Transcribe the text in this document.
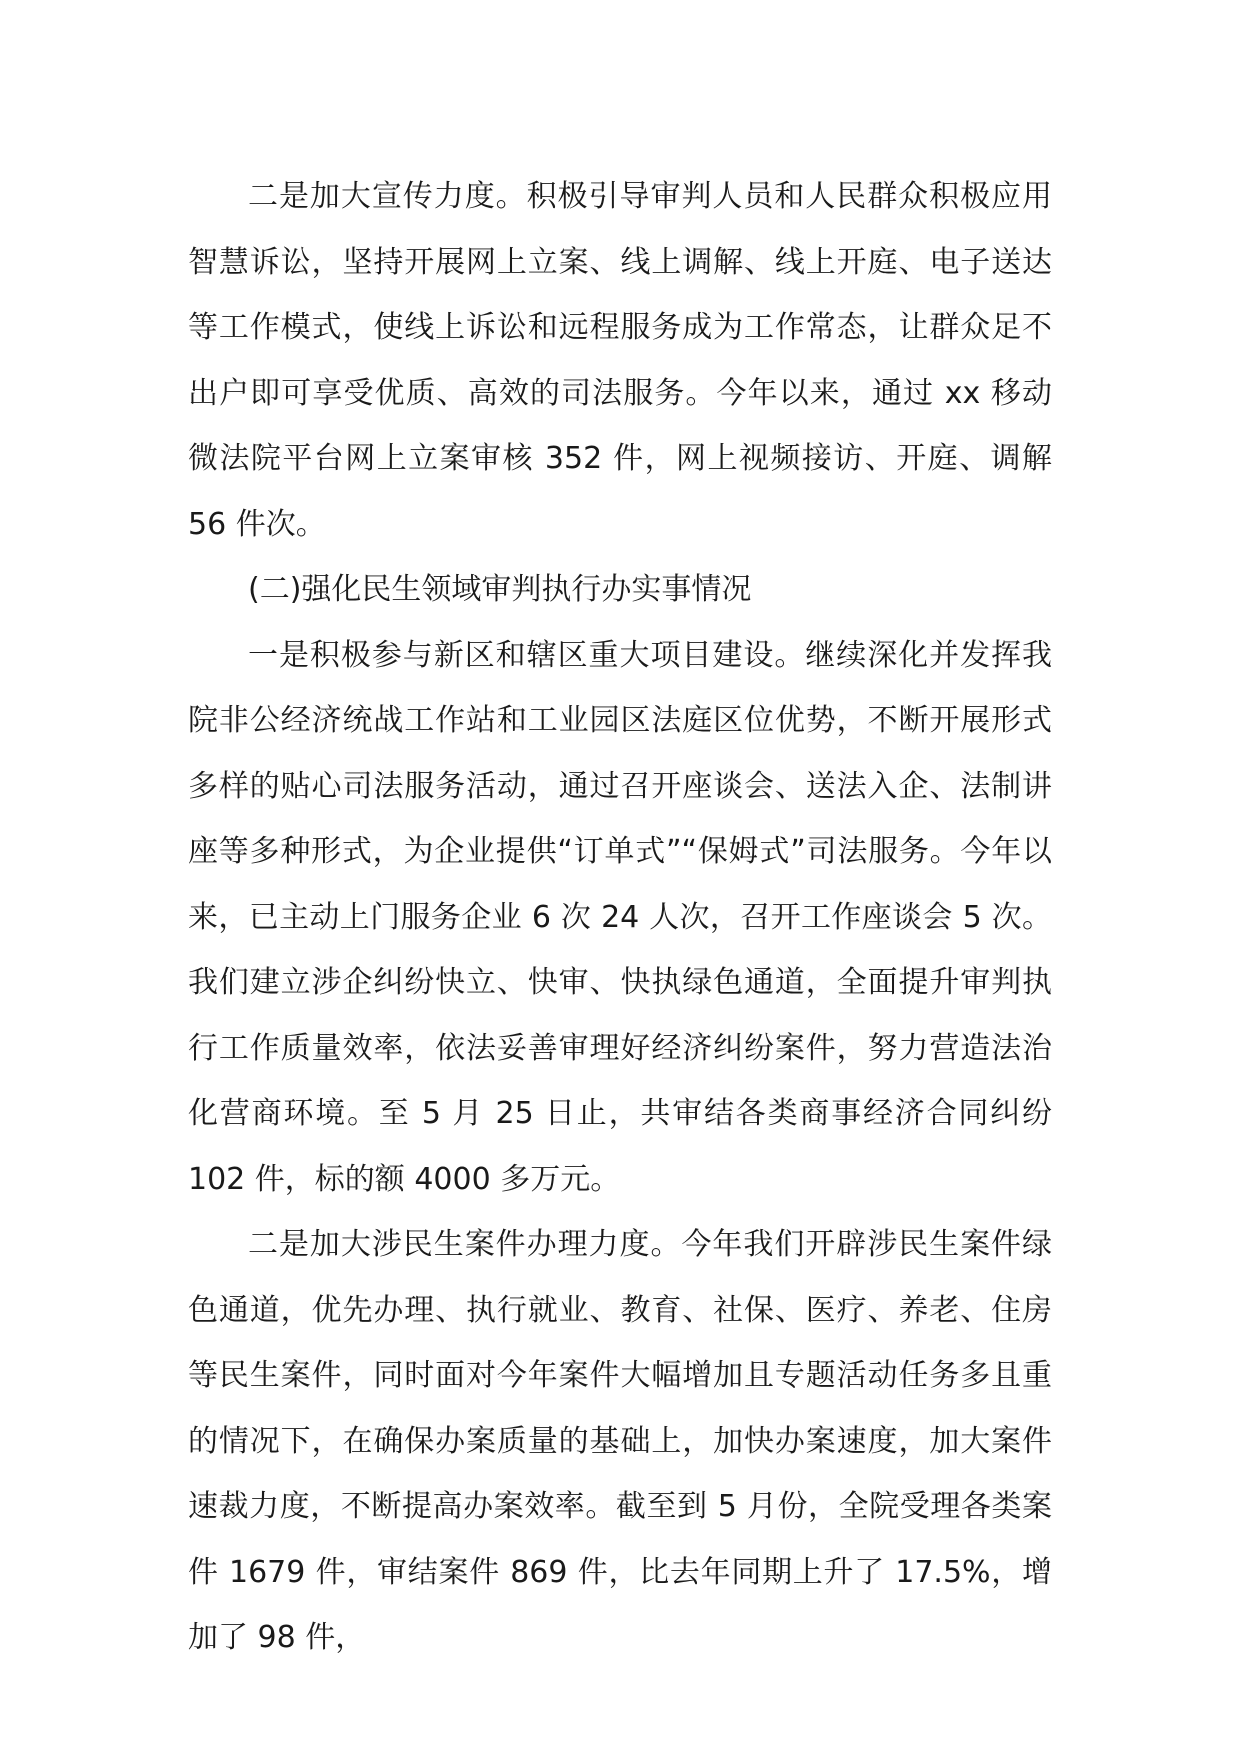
二是加大宣传力度。积极引导审判人员和人民群众积极应用智慧诉讼，坚持开展网上立案、线上调解、线上开庭、电子送达等工作模式，使线上诉讼和远程服务成为工作常态，让群众足不出户即可享受优质、高效的司法服务。今年以来，通过 xx 移动微法院平台网上立案审核 352 件，网上视频接访、开庭、调解 56 件次。

(二)强化民生领域审判执行办实事情况

一是积极参与新区和辖区重大项目建设。继续深化并发挥我院非公经济统战工作站和工业园区法庭区位优势，不断开展形式多样的贴心司法服务活动，通过召开座谈会、送法入企、法制讲座等多种形式，为企业提供“订单式”“保姆式”司法服务。今年以来，已主动上门服务企业 6 次 24 人次，召开工作座谈会 5 次。我们建立涉企纠纷快立、快审、快执绿色通道，全面提升审判执行工作质量效率，依法妥善审理好经济纠纷案件，努力营造法治化营商环境。至 5 月 25 日止，共审结各类商事经济合同纠纷 102 件，标的额 4000 多万元。

二是加大涉民生案件办理力度。今年我们开辟涉民生案件绿色通道，优先办理、执行就业、教育、社保、医疗、养老、住房等民生案件，同时面对今年案件大幅增加且专题活动任务多且重的情况下，在确保办案质量的基础上，加快办案速度，加大案件速裁力度，不断提高办案效率。截至到 5 月份，全院受理各类案件 1679 件，审结案件 869 件，比去年同期上升了 17.5%，增加了 98 件，
